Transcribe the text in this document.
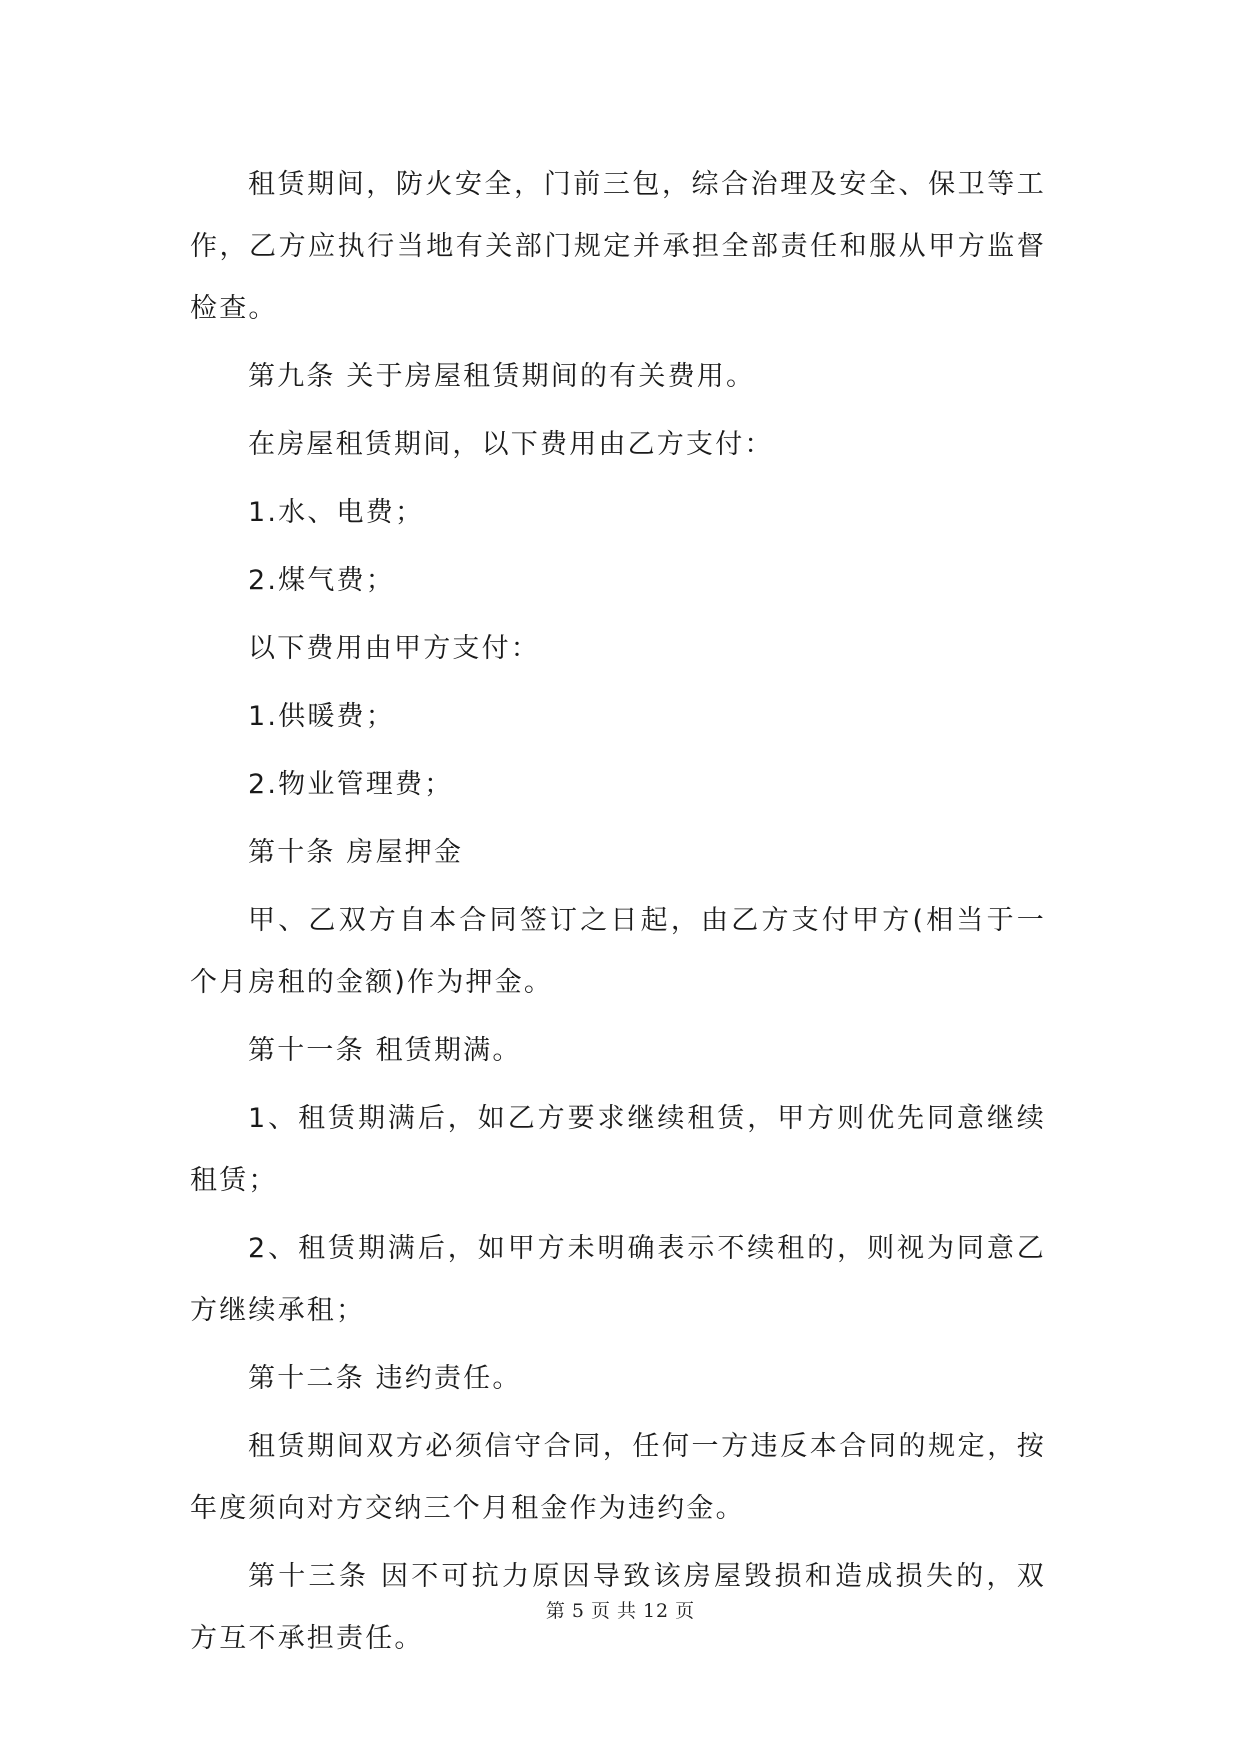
租赁期间，防火安全，门前三包，综合治理及安全、保卫等工作，乙方应执行当地有关部门规定并承担全部责任和服从甲方监督检查。

第九条 关于房屋租赁期间的有关费用。

在房屋租赁期间，以下费用由乙方支付：

1.水、电费；

2.煤气费；

以下费用由甲方支付：

1.供暖费；

2.物业管理费；

第十条 房屋押金

甲、乙双方自本合同签订之日起，由乙方支付甲方(相当于一个月房租的金额)作为押金。

第十一条 租赁期满。

1、租赁期满后，如乙方要求继续租赁，甲方则优先同意继续租赁；

2、租赁期满后，如甲方未明确表示不续租的，则视为同意乙方继续承租；

第十二条 违约责任。

租赁期间双方必须信守合同，任何一方违反本合同的规定，按年度须向对方交纳三个月租金作为违约金。

第十三条 因不可抗力原因导致该房屋毁损和造成损失的，双方互不承担责任。

第 5 页 共 12 页
